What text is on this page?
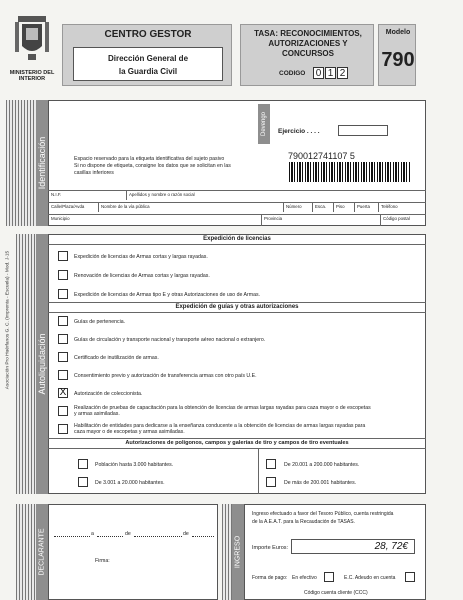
MINISTERIO DEL INTERIOR
CENTRO GESTOR
Dirección General de
la Guardia Civil
TASA: RECONOCIMIENTOS,
AUTORIZACIONES Y
CONCURSOS
CODIGO 0 1 2
Modelo
790
Identificación
Devengo Ejercicio . . . .
Espacio reservado para la etiqueta identificativa del sujeto pasivo
Si no dispone de etiqueta, consigne los datos que se solicitan en las
casillas inferiores
790012741107 5
N.I.F.	Apellidos y nombre o razón social
Calle/Plaza/Avda	Nombre de la vía pública	Número	Esca. Piso	Puerta	Teléfono
Municipio	Provincia	Código postal
Asociación Pro Huérfanos G. C. (Imprenta - Escuela) - Mod. J-15	Autoliquidación
Expedición de licencias
Expedición de licencias de Armas cortas y largas rayadas.
Renovación de licencias de Armas cortas y largas rayadas.
Expedición de licencias de Armas tipo E y otras Autorizaciones de uso de Armas.
Expedición de guías y otras autorizaciones
Guías de pertenencia.
Guías de circulación y transporte nacional y transporte aéreo nacional o extranjero.
Certificado de inutilización de armas.
Consentimiento previo y autorización de transferencia armas con otro país U.E.
X Autorización de coleccionista.
Realización de pruebas de capacitación para la obtención de licencias de armas largas rayadas para caza mayor o de escopetas
y armas asimiladas.
Habilitación de entidades para dedicarse a la enseñanza conducente a la obtención de licencias de armas largas rayadas para
caza mayor o de escopetas y armas asimiladas.
Autorizaciones de polígonos, campos y galerías de tiro y campos de tiro eventuales
Población hasta 3.000 habitantes.
De 3.001 a 20.000 habitantes.
De 20.001 a 200.000 habitantes.
De más de 200.001 habitantes.
DECLARANTE	a	de	de
Firma:	INGRESO
Ingreso efectuado a favor del Tesoro Público, cuenta restringida
de la A.E.A.T. para la Recaudación de TASAS.
Importe Euros:	28, 72€
Forma de pago: En efectivo	E.C. Adeudo en cuenta
Código cuenta cliente (CCC)
